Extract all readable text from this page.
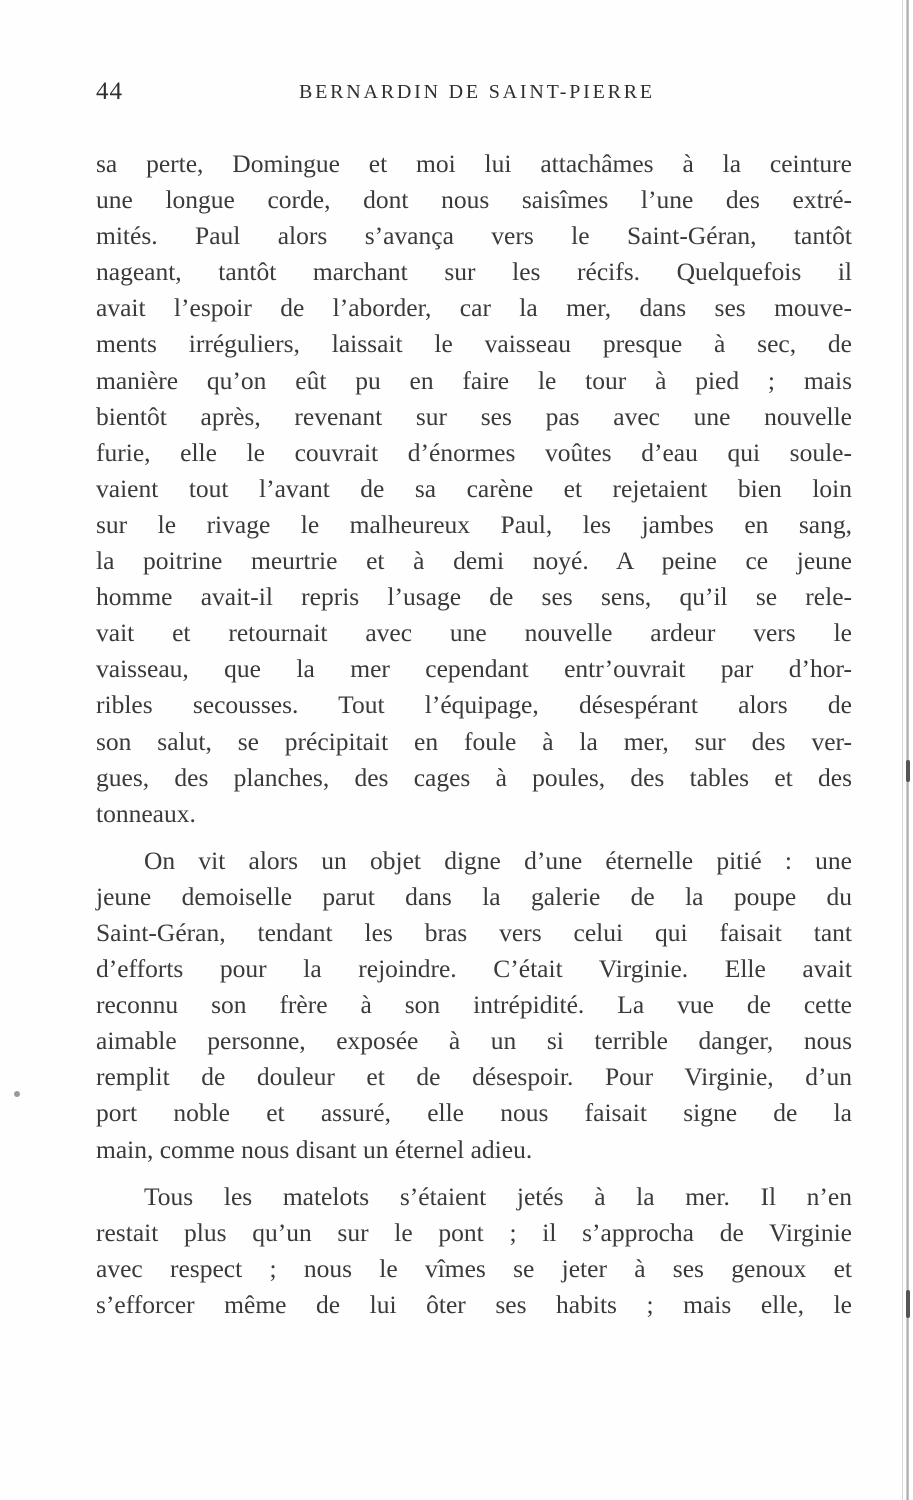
44	BERNARDIN DE SAINT-PIERRE
sa perte, Domingue et moi lui attachâmes à la ceinture
une longue corde, dont nous saisîmes l’une des extré-
mités. Paul alors s’avança vers le Saint-Géran, tantôt
nageant, tantôt marchant sur les récifs. Quelquefois il
avait l’espoir de l’aborder, car la mer, dans ses mouve-
ments irréguliers, laissait le vaisseau presque à sec, de
manière qu’on eût pu en faire le tour à pied ; mais
bientôt après, revenant sur ses pas avec une nouvelle
furie, elle le couvrait d’énormes voûtes d’eau qui soule-
vaient tout l’avant de sa carène et rejetaient bien loin
sur le rivage le malheureux Paul, les jambes en sang,
la poitrine meurtrie et à demi noyé. A peine ce jeune
homme avait-il repris l’usage de ses sens, qu’il se rele-
vait et retournait avec une nouvelle ardeur vers le
vaisseau, que la mer cependant entr’ouvrait par d’hor-
ribles secousses. Tout l’équipage, désespérant alors de
son salut, se précipitait en foule à la mer, sur des ver-
gues, des planches, des cages à poules, des tables et des
tonneaux.
On vit alors un objet digne d’une éternelle pitié : une
jeune demoiselle parut dans la galerie de la poupe du
Saint-Géran, tendant les bras vers celui qui faisait tant
d’efforts pour la rejoindre. C’était Virginie. Elle avait
reconnu son frère à son intrépidité. La vue de cette
aimable personne, exposée à un si terrible danger, nous
remplit de douleur et de désespoir. Pour Virginie, d’un
port noble et assuré, elle nous faisait signe de la
main, comme nous disant un éternel adieu.
Tous les matelots s’étaient jetés à la mer. Il n’en
restait plus qu’un sur le pont ; il s’approcha de Virginie
avec respect ; nous le vîmes se jeter à ses genoux et
s’efforcer même de lui ôter ses habits ; mais elle, le
